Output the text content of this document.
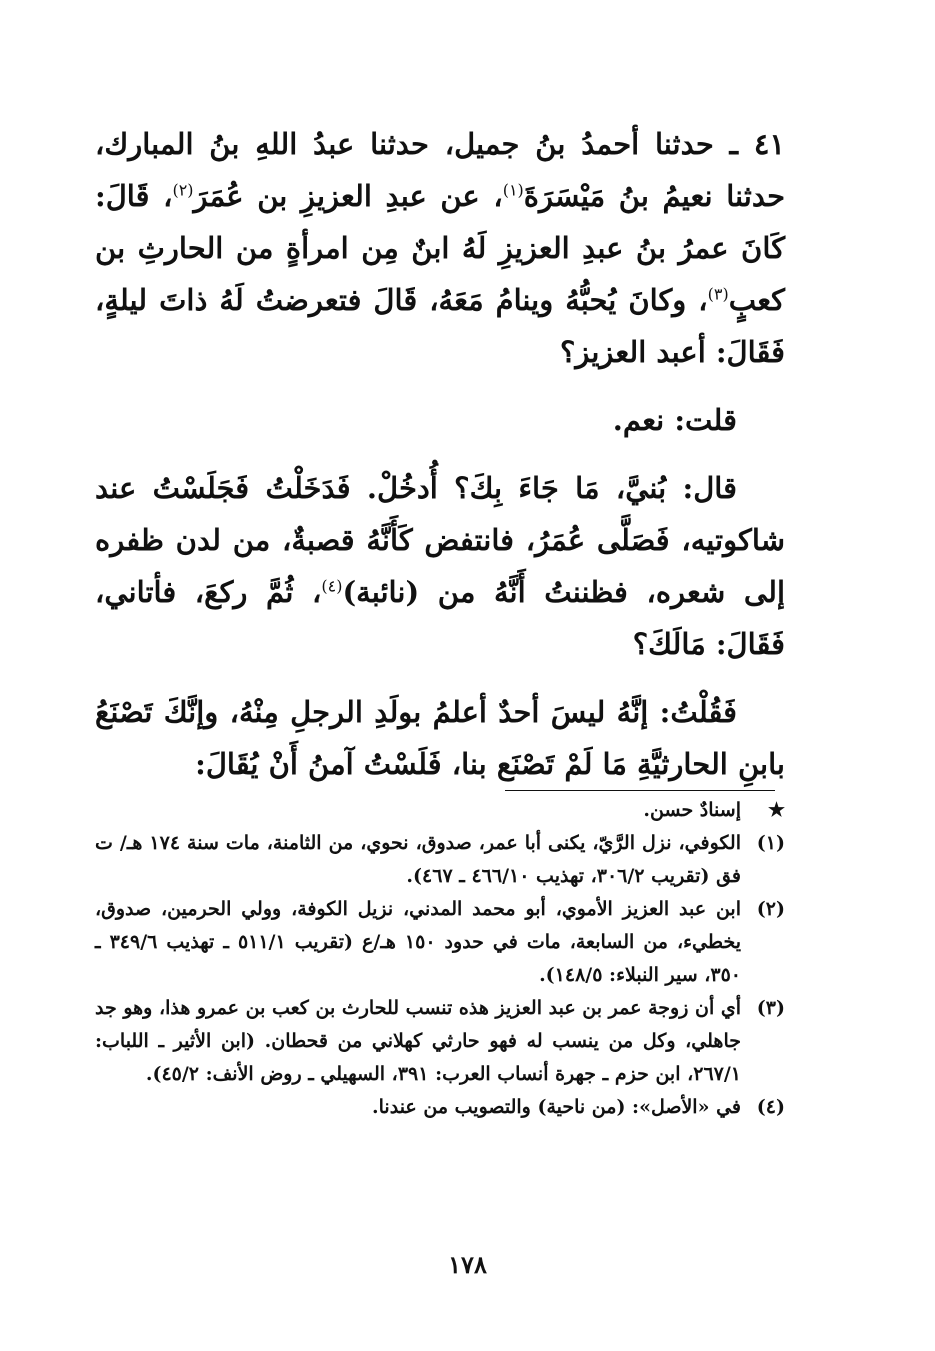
٤١ ـ حدثنا أحمدُ بنُ جميل، حدثنا عبدُ اللهِ بنُ المبارك، حدثنا نعيمُ بنُ مَيْسَرَةَ$^{(١)}$، عن عبدِ العزيزِ بن عُمَرَ$^{(٢)}$، قَالَ: كَانَ عمرُ بنُ عبدِ العزيزِ لَهُ ابنٌ مِن امرأةٍ من الحارثِ بن كعبٍ$^{(٣)}$، وكانَ يُحبُّهُ وينامُ مَعَهُ، قَالَ فتعرضتُ لَهُ ذاتَ ليلةٍ، فَقَالَ: أعبد العزيز؟

قلت: نعم.

قال: بُنيَّ، مَا جَاءَ بِكَ؟ أُدخُلْ. فَدَخَلْتُ فَجَلَسْتُ عند شاكوتيه، فَصَلَّى عُمَرُ، فانتفض كَأَنَّهُ قصبةٌ، من لدن ظفره إلى شعره، فظننتُ أَنَّهُ من (نائبة)$^{(٤)}$، ثُمَّ ركعَ، فأتاني، فَقَالَ: مَالَكَ؟

فَقُلْتُ: إنَّهُ ليسَ أحدٌ أعلمُ بولَدِ الرجلِ مِنْهُ، وإنَّكَ تَصْنَعُ بابنِ الحارثيَّةِ مَا لَمْ تَصْنَع بنا، فَلَسْتُ آمنُ أَنْ يُقَالَ:

★
إسنادٌ حسن.
(١)
الكوفي، نزل الرَّيّ، يكنى أبا عمر، صدوق، نحوي، من الثامنة، مات سنة ١٧٤ هـ/ ت فق (تقريب ٣٠٦/٢، تهذيب ٤٦٦/١٠ ـ ٤٦٧).
(٢)
ابن عبد العزيز الأموي، أبو محمد المدني، نزيل الكوفة، وولي الحرمين، صدوق، يخطيء، من السابعة، مات في حدود ١٥٠ هـ/ع (تقريب ٥١١/١ ـ تهذيب ٣٤٩/٦ ـ ٣٥٠، سير النبلاء: ١٤٨/٥).
(٣)
أي أن زوجة عمر بن عبد العزيز هذه تنسب للحارث بن كعب بن عمرو هذا، وهو جد جاهلي، وكل من ينسب له فهو حارثي كهلاني من قحطان. (ابن الأثير ـ اللباب: ٢٦٧/١، ابن حزم ـ جهرة أنساب العرب: ٣٩١، السهيلي ـ روض الأنف: ٤٥/٢).
(٤)
في «الأصل»: (من ناحية) والتصويب من عندنا.
١٧٨
